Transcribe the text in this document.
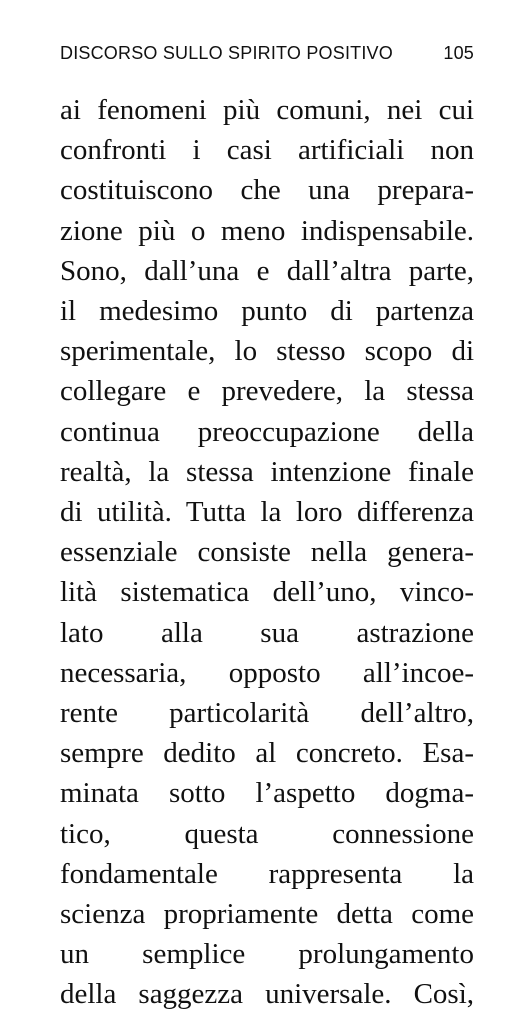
DISCORSO SULLO SPIRITO POSITIVO	105
ai fenomeni più comuni, nei cui
confronti i casi artificiali non
costituiscono che una prepara-
zione più o meno indispensabile.
Sono, dall’una e dall’altra parte,
il medesimo punto di partenza
sperimentale, lo stesso scopo di
collegare e prevedere, la stessa
continua preoccupazione della
realtà, la stessa intenzione finale
di utilità. Tutta la loro differenza
essenziale consiste nella genera-
lità sistematica dell’uno, vinco-
lato alla sua astrazione
necessaria, opposto all’incoe-
rente particolarità dell’altro,
sempre dedito al concreto. Esa-
minata sotto l’aspetto dogma-
tico, questa connessione
fondamentale rappresenta la
scienza propriamente detta come
un semplice prolungamento
della saggezza universale. Così,
